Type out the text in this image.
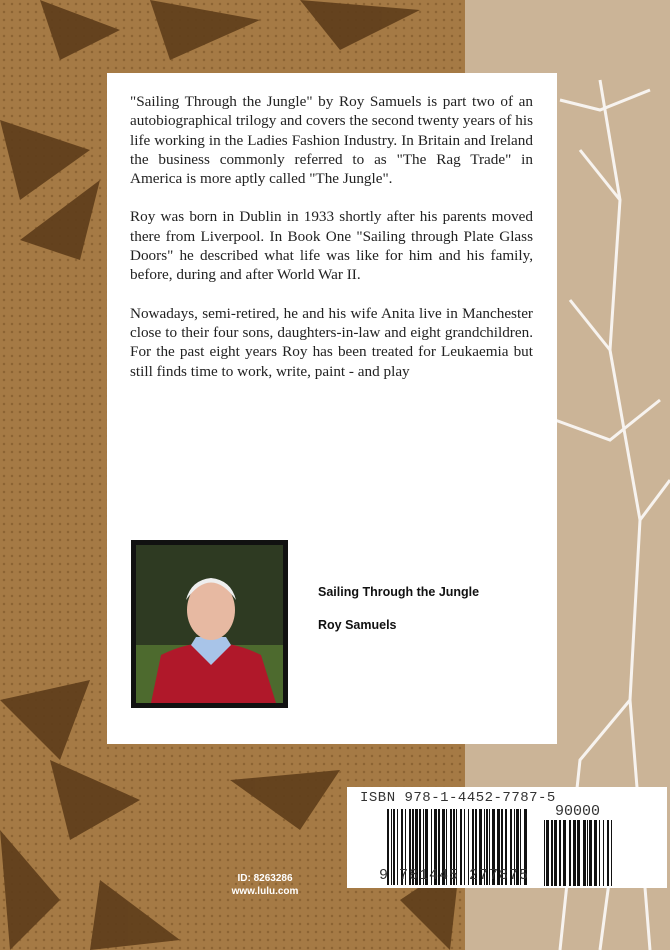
"Sailing Through the Jungle" by Roy Samuels is part two of an autobiographical trilogy and covers the second twenty years of his life working in the Ladies Fashion Industry. In Britain and Ireland the business commonly referred to as "The Rag Trade" in America is more aptly called "The Jungle".

Roy was born in Dublin in 1933 shortly after his parents moved there from Liverpool. In Book One "Sailing through Plate Glass Doors" he described what life was like for him and his family, before, during and after World War II.

Nowadays, semi-retired, he and his wife Anita live in Manchester close to their four sons, daughters-in-law and eight grandchildren. For the past eight years Roy has been treated for Leukaemia but still finds time to work, write, paint - and play

Sailing Through the Jungle
Roy Samuels
ISBN 978-1-4452-7787-5
90000
9 781445 277875
ID: 8263286
www.lulu.com
